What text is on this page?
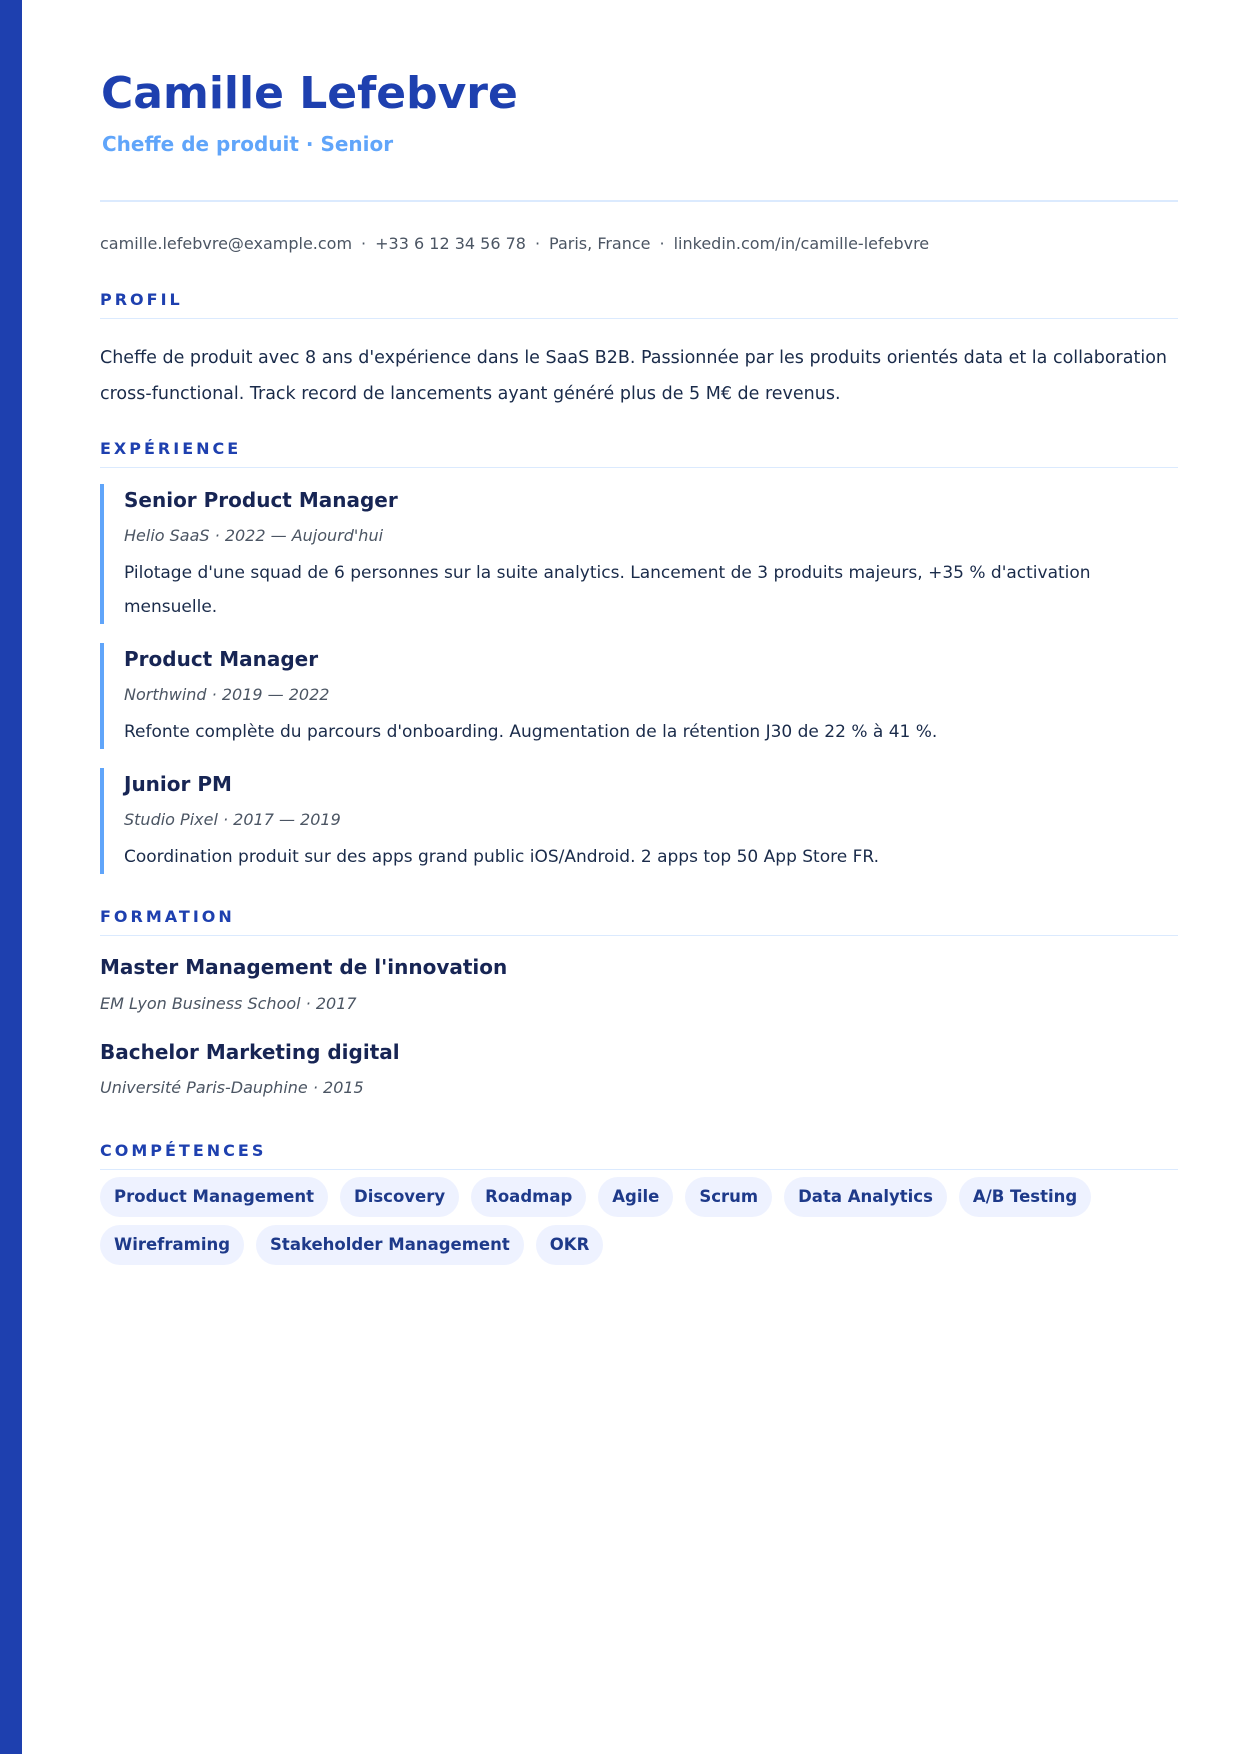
Camille Lefebvre
Cheffe de produit · Senior
camille.lefebvre@example.com · +33 6 12 34 56 78 · Paris, France · linkedin.com/in/camille-lefebvre
PROFIL

Cheffe de produit avec 8 ans d'expérience dans le SaaS B2B. Passionnée par les produits orientés data et la collaboration cross-functional. Track record de lancements ayant généré plus de 5 M€ de revenus.

EXPÉRIENCE
Senior Product Manager
Helio SaaS · 2022 — Aujourd'hui
Pilotage d'une squad de 6 personnes sur la suite analytics. Lancement de 3 produits majeurs, +35 % d'activation mensuelle.
Product Manager
Northwind · 2019 — 2022
Refonte complète du parcours d'onboarding. Augmentation de la rétention J30 de 22 % à 41 %.
Junior PM
Studio Pixel · 2017 — 2019
Coordination produit sur des apps grand public iOS/Android. 2 apps top 50 App Store FR.
FORMATION
Master Management de l'innovation
EM Lyon Business School · 2017
Bachelor Marketing digital
Université Paris-Dauphine · 2015
COMPÉTENCES
Product Management	Discovery	Roadmap	Agile	Scrum	Data Analytics	A/B Testing
Wireframing	Stakeholder Management	OKR
